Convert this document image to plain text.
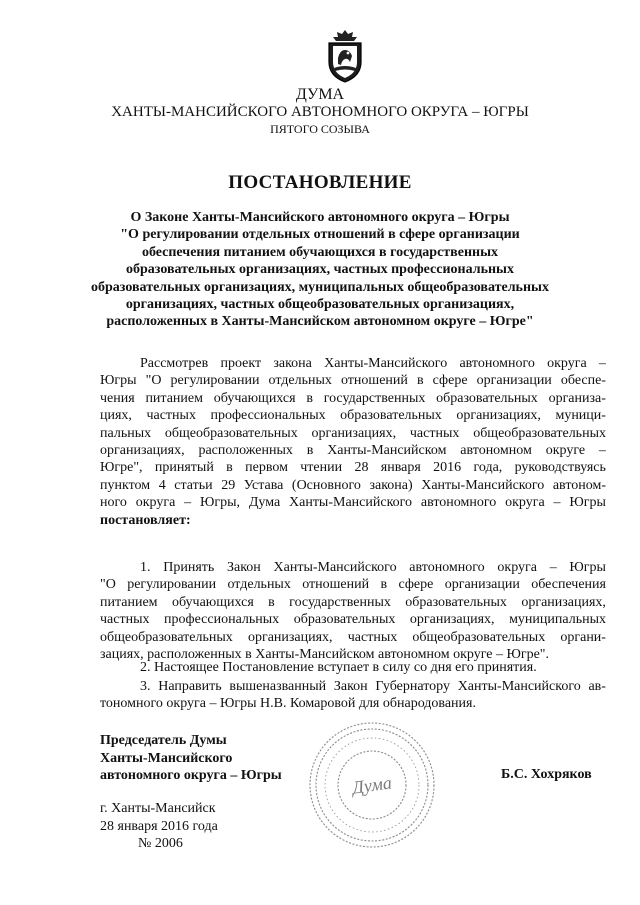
ДУМА
ХАНТЫ-МАНСИЙСКОГО АВТОНОМНОГО ОКРУГА – ЮГРЫ
ПЯТОГО СОЗЫВА
ПОСТАНОВЛЕНИЕ
О Законе Ханты-Мансийского автономного округа – Югры
"О регулировании отдельных отношений в сфере организации
обеспечения питанием обучающихся в государственных
образовательных организациях, частных профессиональных
образовательных организациях, муниципальных общеобразовательных
организациях, частных общеобразовательных организациях,
расположенных в Ханты-Мансийском автономном округе – Югре"
Рассмотрев проект закона Ханты-Мансийского автономного округа –
Югры "О регулировании отдельных отношений в сфере организации обеспе-
чения питанием обучающихся в государственных образовательных организа-
циях, частных профессиональных образовательных организациях, муници-
пальных общеобразовательных организациях, частных общеобразовательных
организациях, расположенных в Ханты-Мансийском автономном округе –
Югре", принятый в первом чтении 28 января 2016 года, руководствуясь
пунктом 4 статьи 29 Устава (Основного закона) Ханты-Мансийского автоном-
ного округа – Югры, Дума Ханты-Мансийского автономного округа – Югры
постановляет:
1. Принять Закон Ханты-Мансийского автономного округа – Югры
"О регулировании отдельных отношений в сфере организации обеспечения
питанием обучающихся в государственных образовательных организациях,
частных профессиональных образовательных организациях, муниципальных
общеобразовательных организациях, частных общеобразовательных органи-
зациях, расположенных в Ханты-Мансийском автономном округе – Югре".
2. Настоящее Постановление вступает в силу со дня его принятия.
3. Направить вышеназванный Закон Губернатору Ханты-Мансийского ав-
тономного округа – Югры Н.В. Комаровой для обнародования.
Председатель Думы
Ханты-Мансийского
автономного округа – Югры	Дума	Б.С. Хохряков
г. Ханты-Мансийск
28 января 2016 года
№ 2006
